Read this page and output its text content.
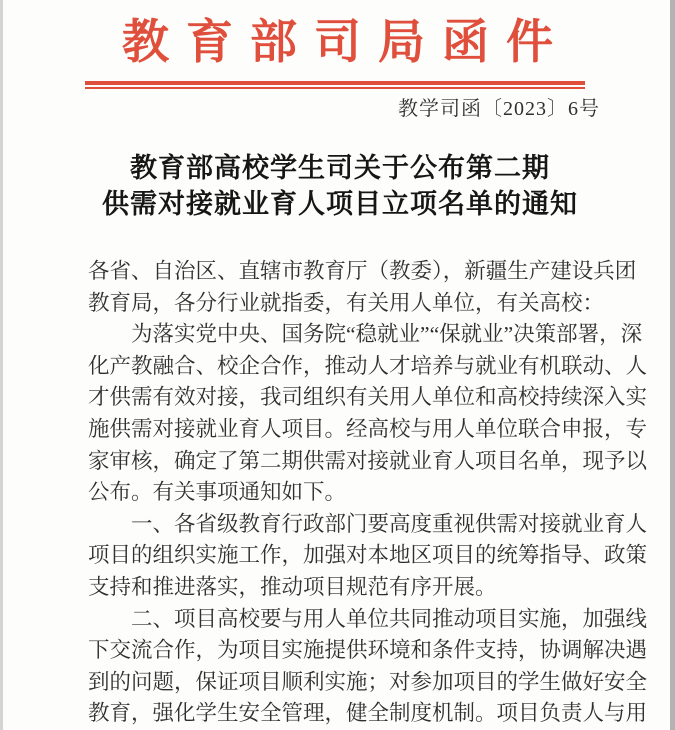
教育部司局函件
教学司函〔2023〕6号
教育部高校学生司关于公布第二期
供需对接就业育人项目立项名单的通知
各省、自治区、直辖市教育厅（教委），新疆生产建设兵团
教育局，各分行业就指委，有关用人单位，有关高校：
为落实党中央、国务院“稳就业”“保就业”决策部署，深
化产教融合、校企合作，推动人才培养与就业有机联动、人
才供需有效对接，我司组织有关用人单位和高校持续深入实
施供需对接就业育人项目。经高校与用人单位联合申报，专
家审核，确定了第二期供需对接就业育人项目名单，现予以
公布。有关事项通知如下。
一、各省级教育行政部门要高度重视供需对接就业育人
项目的组织实施工作，加强对本地区项目的统筹指导、政策
支持和推进落实，推动项目规范有序开展。
二、项目高校要与用人单位共同推动项目实施，加强线
下交流合作，为项目实施提供环境和条件支持，协调解决遇
到的问题，保证项目顺利实施；对参加项目的学生做好安全
教育，强化学生安全管理，健全制度机制。项目负责人与用
